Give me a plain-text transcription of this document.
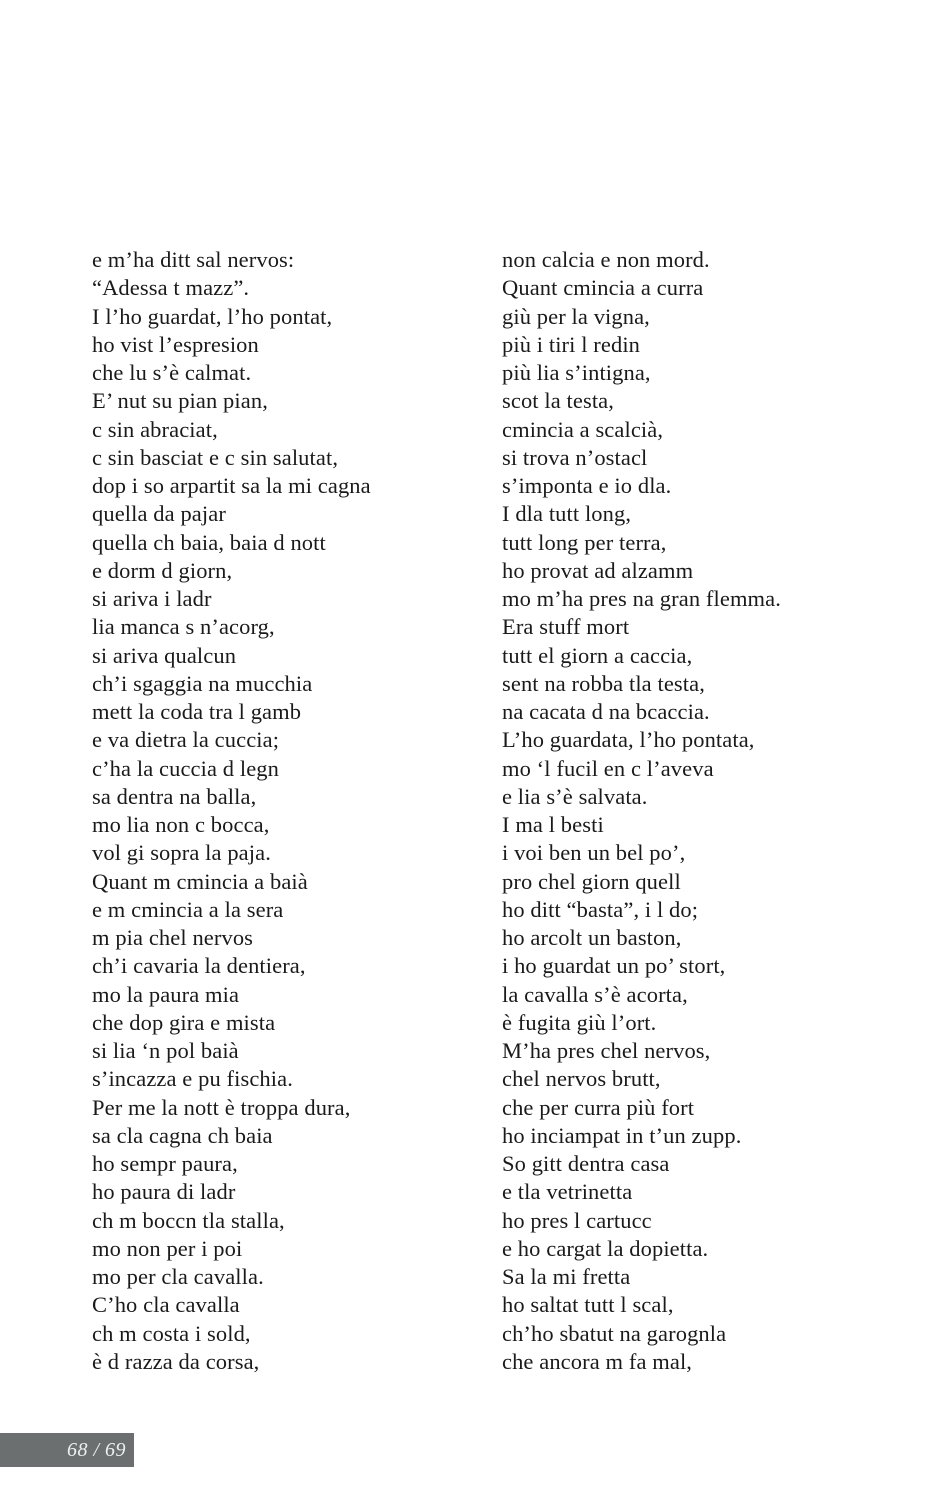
e m’ha ditt sal nervos:
“Adessa t mazz”.
I l’ho guardat, l’ho pontat,
ho vist l’espresion
che lu s’è calmat.
E’ nut su pian pian,
c sin abraciat,
c sin basciat e c sin salutat,
dop i so arpartit sa la mi cagna
quella da pajar
quella ch baia, baia d nott
e dorm d giorn,
si ariva i ladr
lia manca s n’acorg,
si ariva qualcun
ch’i sgaggia na mucchia
mett la coda tra l gamb
e va dietra la cuccia;
c’ha la cuccia d legn
sa dentra na balla,
mo lia non c bocca,
vol gi sopra la paja.
Quant m cmincia a baià
e m cmincia a la sera
m pia chel nervos
ch’i cavaria la dentiera,
mo la paura mia
che dop gira e mista
si lia ‘n pol baià
s’incazza e pu fischia.
Per me la nott è troppa dura,
sa cla cagna ch baia
ho sempr paura,
ho paura di ladr
ch m boccn tla stalla,
mo non per i poi
mo per cla cavalla.
C’ho cla cavalla
ch m costa i sold,
è d razza da corsa,
non calcia e non mord.
Quant cmincia a curra
giù per la vigna,
più i tiri l redin
più lia s’intigna,
scot la testa,
cmincia a scalcià,
si trova n’ostacl
s’imponta e io dla.
I dla tutt long,
tutt long per terra,
ho provat ad alzamm
mo m’ha pres na gran flemma.
Era stuff mort
tutt el giorn a caccia,
sent na robba tla testa,
na cacata d na bcaccia.
L’ho guardata, l’ho pontata,
mo ‘l fucil en c l’aveva
e lia s’è salvata.
I ma l besti
i voi ben un bel po’,
pro chel giorn quell
ho ditt “basta”, i l do;
ho arcolt un baston,
i ho guardat un po’ stort,
la cavalla s’è acorta,
è fugita giù l’ort.
M’ha pres chel nervos,
chel nervos brutt,
che per curra più fort
ho inciampat in t’un zupp.
So gitt dentra casa
e tla vetrinetta
ho pres l cartucc
e ho cargat la dopietta.
Sa la mi fretta
ho saltat tutt l scal,
ch’ho sbatut na garognla
che ancora m fa mal,
68 / 69
